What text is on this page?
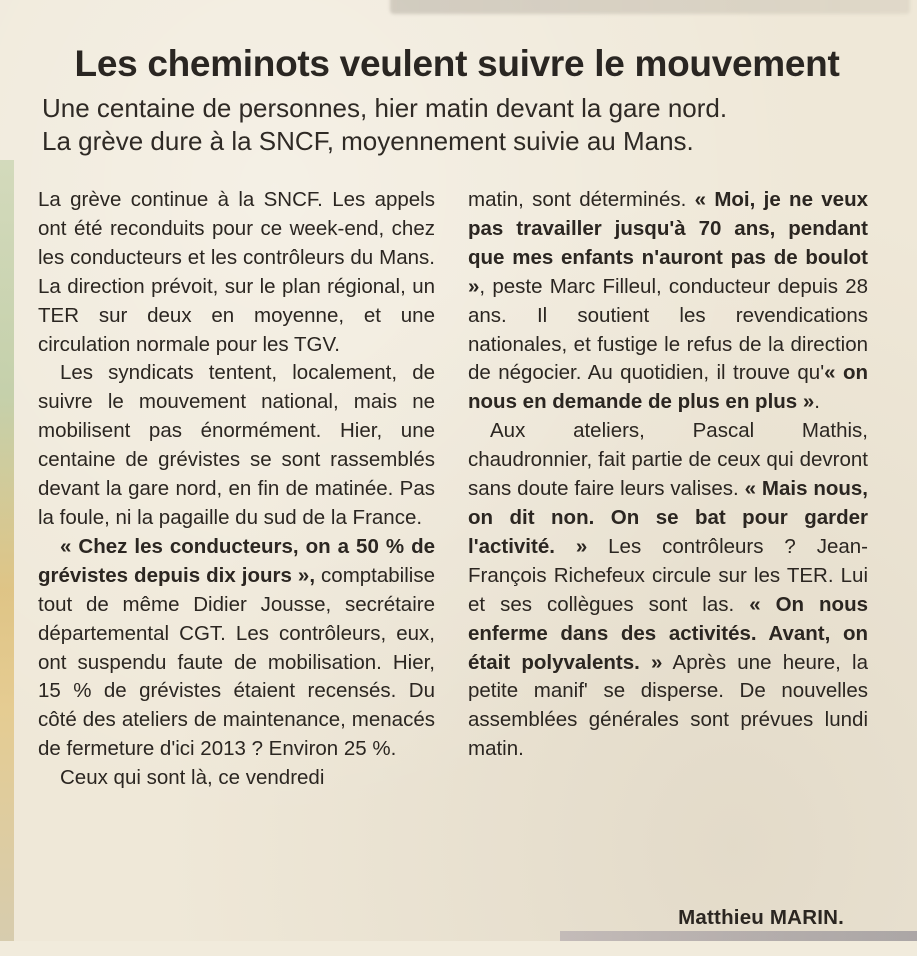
Les cheminots veulent suivre le mouvement
Une centaine de personnes, hier matin devant la gare nord.
La grève dure à la SNCF, moyennement suivie au Mans.

La grève continue à la SNCF. Les appels ont été reconduits pour ce week-end, chez les conducteurs et les contrôleurs du Mans. La direction prévoit, sur le plan régional, un TER sur deux en moyenne, et une circulation normale pour les TGV.

Les syndicats tentent, localement, de suivre le mouvement national, mais ne mobilisent pas énormément. Hier, une centaine de grévistes se sont rassemblés devant la gare nord, en fin de matinée. Pas la foule, ni la pagaille du sud de la France.

« Chez les conducteurs, on a 50 % de grévistes depuis dix jours », comptabilise tout de même Didier Jousse, secrétaire départemental CGT. Les contrôleurs, eux, ont suspendu faute de mobilisation. Hier, 15 % de grévistes étaient recensés. Du côté des ateliers de maintenance, menacés de fermeture d'ici 2013 ? Environ 25 %.

Ceux qui sont là, ce vendredi

matin, sont déterminés. « Moi, je ne veux pas travailler jusqu'à 70 ans, pendant que mes enfants n'auront pas de boulot », peste Marc Filleul, conducteur depuis 28 ans. Il soutient les revendications nationales, et fustige le refus de la direction de négocier. Au quotidien, il trouve qu'« on nous en demande de plus en plus ».

Aux ateliers, Pascal Mathis, chaudronnier, fait partie de ceux qui devront sans doute faire leurs valises. « Mais nous, on dit non. On se bat pour garder l'activité. » Les contrôleurs ? Jean-François Richefeux circule sur les TER. Lui et ses collègues sont las. « On nous enferme dans des activités. Avant, on était polyvalents. » Après une heure, la petite manif' se disperse. De nouvelles assemblées générales sont prévues lundi matin.

Matthieu MARIN.
